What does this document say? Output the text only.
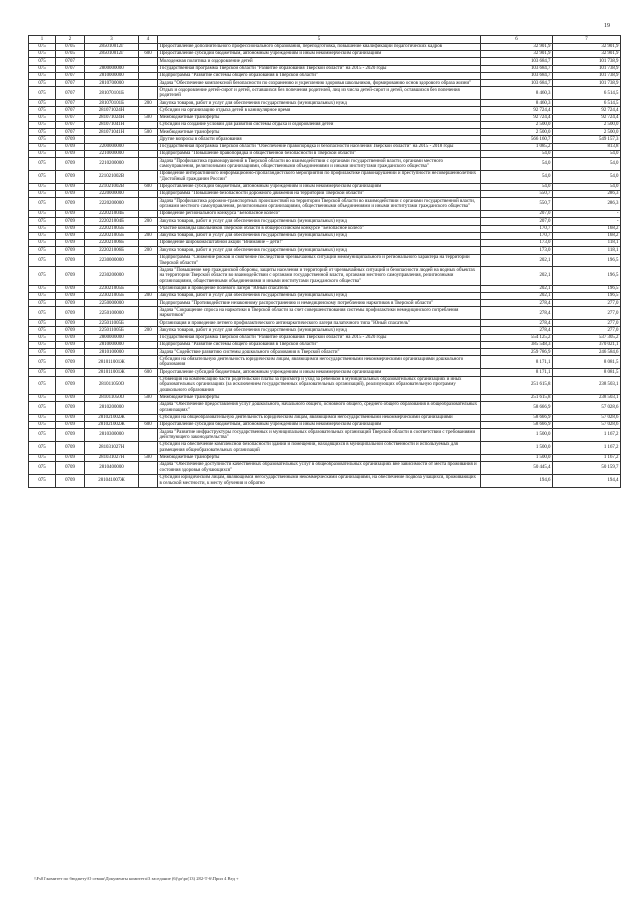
19
1	2	3	4	5	6	7
075	0705	285010012Г		Предоставление дополнительного профессионального образования, переподготовка, повышение квалификации педагогических кадров	32 901,9	32 901,9
075	0705	285010012Г	600	Предоставление субсидий бюджетным, автономным учреждениям и иным некоммерческим организациям	32 901,9	32 901,9
075	0707			Молодежная политика и оздоровление детей	103 684,7	101 738,9
075	0707	2800000000		Государственная программа Тверской области "Развитие образования Тверской области" на 2015 - 2020 годы	103 684,7	101 738,9
075	0707	2810000000		Подпрограмма "Развитие системы общего образования в Тверской области"	103 684,7	101 738,9
075	0707	2810700000		Задача "Обеспечение комплексной безопасности по сохранению и укреплению здоровья школьников, формированию основ здорового образа жизни"	103 684,7	101 738,9
075	0707	281070101Б		Отдых и оздоровление детей-сирот и детей, оставшихся без попечения родителей, лиц из числа детей-сирот и детей, оставшихся без попечения родителей	8 460,3	6 514,5
075	0707	281070101Б	200	Закупка товаров, работ и услуг для обеспечения государственных (муниципальных) нужд	8 460,3	6 514,5
075	0707	281071024Н		Субсидии на организацию отдыха детей в каникулярное время	92 724,4	92 724,4
075	0707	281071024Н	500	Межбюджетные трансферты	92 724,4	92 724,4
075	0707	281071041Н		Субсидии на создание условий для развития системы отдыха и оздоровления детей	2 500,0	2 500,0
075	0707	281071041Н	500	Межбюджетные трансферты	2 500,0	2 500,0
075	0709			Другие вопросы в области образования	566 160,7	549 157,3
075	0709	2200000000		Государственная программа Тверской области "Обеспечение правопорядка и безопасности населения Тверской области" на 2015 - 2018 годы	1 085,2	813,8
075	0709	2210000000		Подпрограмма "Повышение правопорядка и общественной безопасности в Тверской области"	54,0	54,0
075	0709	2210200000		Задача "Профилактика правонарушений в Тверской области во взаимодействии с органами государственной власти, органами местного самоуправления, религиозными организациями, общественными объединениями и иными институтами гражданского общества"	54,0	54,0
075	0709	221021002В		Проведение интерактивного информационно-пропагандистского мероприятия по профилактике правонарушений и преступности несовершеннолетних "Достойный гражданин России"	54,0	54,0
075	0709	221021002В	600	Предоставление субсидий бюджетным, автономным учреждениям и иным некоммерческим организациям	54,0	54,0
075	0709	2220000000		Подпрограмма "Повышение безопасности дорожного движения на территории Тверской области"	550,7	286,3
075	0709	2220200000		Задача "Профилактика дорожно-транспортных происшествий на территории Тверской области во взаимодействии с органами государственной власти, органами местного самоуправления, религиозными организациями, общественными объединениями и иными институтами гражданского общества"	550,7	286,3
075	0709	222021004Б		Проведение регионального конкурса "Безопасное колесо"	207,0	-
075	0709	222021004Б	200	Закупка товаров, работ и услуг для обеспечения государственных (муниципальных) нужд	207,0	-
075	0709	222021005Б		Участие команды школьников Тверской области в общероссийском конкурсе "Безопасное колесо"	170,7	168,2
075	0709	222021005Б	200	Закупка товаров, работ и услуг для обеспечения государственных (муниципальных) нужд	170,7	168,2
075	0709	222021006Б		Проведение широкомасштабной акции "Внимание – дети!"	173,0	118,1
075	0709	222021006Б	200	Закупка товаров, работ и услуг для обеспечения государственных (муниципальных) нужд	173,0	118,1
075	0709	2230000000		Подпрограмма "Снижение рисков и смягчение последствий чрезвычайных ситуаций межмуниципального и регионального характера на территории Тверской области"	202,1	196,5
075	0709	2230200000		Задача "Повышение мер гражданской обороны, защиты населения и территорий от чрезвычайных ситуаций и безопасности людей на водных объектах на территории Тверской области во взаимодействии с органами государственной власти, органами местного самоуправления, религиозными организациями, общественными объединениями и иными институтами гражданского общества"	202,1	196,5
075	0709	223021005Б		Организация и проведение полевого лагеря "Юный спасатель"	202,1	196,5
075	0709	223021005Б	200	Закупка товаров, работ и услуг для обеспечения государственных (муниципальных) нужд	202,1	196,5
075	0709	2250000000		Подпрограмма "Противодействие незаконному распространению и немедицинскому потреблению наркотиков в Тверской области"	278,4	277,0
075	0709	2250100000		Задача "Сокращение спроса на наркотики в Тверской области за счет совершенствования системы профилактики немедицинского потребления наркотиков"	278,4	277,0
075	0709	225011005Б		Организация и проведение летнего профилактического антинаркотического лагеря палаточного типа "Юный спасатель"	278,4	277,0
075	0709	225011005Б	200	Закупка товаров, работ и услуг для обеспечения государственных (муниципальных) нужд	278,4	277,0
075	0709	2800000000		Государственная программа Тверской области "Развитие образования Тверской области" на 2015 - 2020 годы	554 125,2	537 305,2
075	0709	2810000000		Подпрограмма "Развитие системы общего образования в Тверской области"	385 548,3	370 021,1
075	0709	2810100000		Задача "Содействие развитию системы дошкольного образования в Тверской области"	259 786,9	246 584,6
075	0709	281011001Ж		Субсидии на обязательную деятельность юридическим лицам, являющимся негосударственными некоммерческими организациями дошкольного образования	8 171,1	8 081,5
075	0709	281011001Ж	600	Предоставление субсидий бюджетным, автономным учреждениям и иным некоммерческим организациям	8 171,1	8 081,5
075	0709	281011050О		Субвенция на компенсацию части родительской платы за присмотр и уход за ребенком в муниципальных образовательных организациях и иных образовательных организациях (за исключением государственных образовательных организаций), реализующих образовательную программу дошкольного образования	251 615,8	238 503,1
075	0709	281011050О	500	Межбюджетные трансферты	251 615,8	238 503,1
075	0709	2810200000		Задача "Обеспечение предоставления услуг дошкольного, начального общего, основного общего, среднего общего образования в общеобразовательных организациях"	58 666,9	57 028,6
075	0709	281021002Ж		Субсидии на общеобразовательную деятельность юридическим лицам, являющимся негосударственными некоммерческими организациями	58 666,9	57 028,6
075	0709	281021002Ж	600	Предоставление субсидий бюджетным, автономным учреждениям и иным некоммерческим организациям	58 666,9	57 028,6
075	0709	2810300000		Задача "Развитие инфраструктуры государственных и муниципальных образовательных организаций Тверской области в соответствии с требованиями действующего законодательства"	1 500,0	1 167,2
075	0709	281031027Н		Субсидии на обеспечение комплексной безопасности зданий и помещений, находящихся в муниципальной собственности и используемых для размещения общеобразовательных организаций	1 500,0	1 167,2
075	0709	281031027Н	500	Межбюджетные трансферты	1 500,0	1 167,2
075	0709	2810400000		Задача "Обеспечение доступности качественных образовательных услуг в общеобразовательных организациях вне зависимости от места проживания и состояния здоровья обучающихся"	50 445,4	50 159,7
075	0709	281041007Ж		Субсидии юридическим лицам, являющимся негосударственными некоммерческими организациями, на обеспечение подвоза учащихся, проживающих в сельской местности, к месту обучения и обратно	194,6	194,4
\\Fs01\комитет по бюджету\О севаш\Документы комитета\3 заседание (6)\pr\pr(13) 282-Т-6\Прил 4 Вед +
